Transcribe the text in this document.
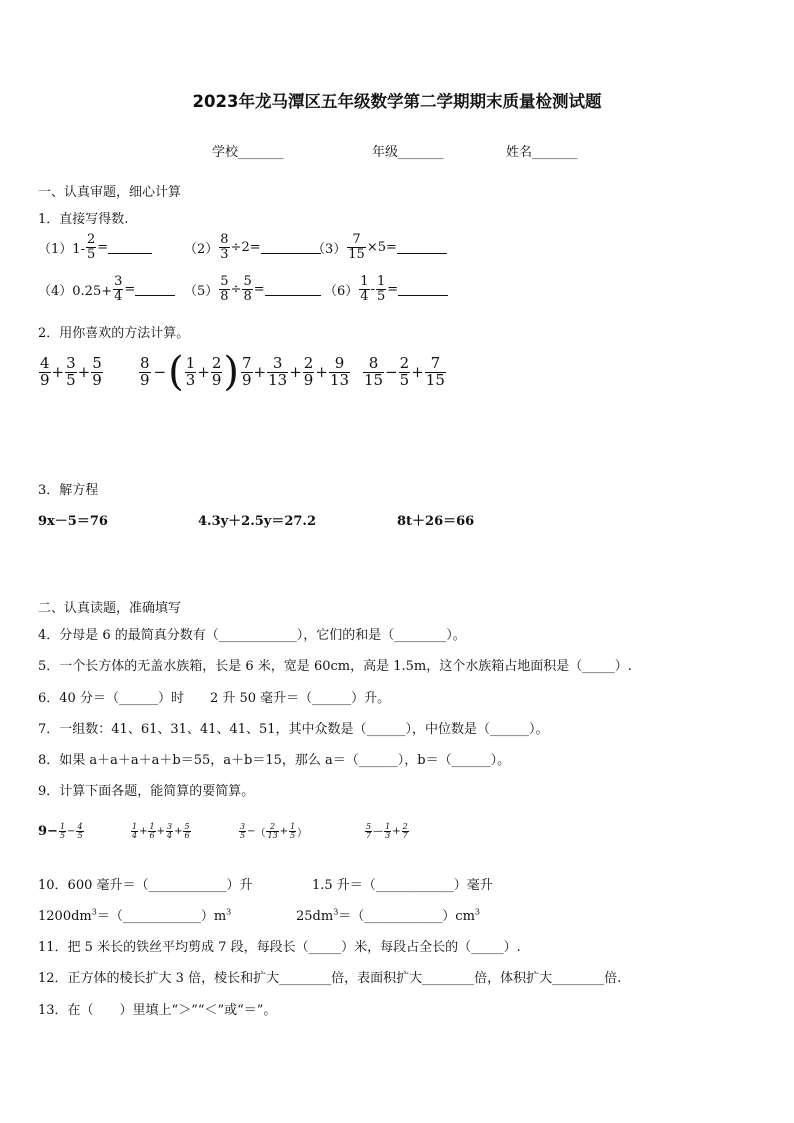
2023年龙马潭区五年级数学第二学期期末质量检测试题
学校_______	年级_______	姓名_______
一、认真审题，细心计算
1．直接写得数.
$(1)1- \frac{2}{5}$ =	$(2) \frac{8}{3} \div 2=$	$(3) \frac{7}{15} \times 5=$
$(4)0.25+ \frac{3}{4}$ =	$(5) \frac{5}{8} \div \frac{5}{8}$ =	$(6) \frac{1}{4} - \frac{1}{5}$ =
2．用你喜欢的方法计算。
$\frac{4}{9} + \frac{3}{5} + \frac{5}{9} \frac{8}{9}$ − ( $\frac{1}{3} + \frac{2}{9}$ ) $\frac{7}{9} + \frac{3}{13} + \frac{2}{9} + \frac{9}{13} \frac{8}{15} - \frac{2}{5} + \frac{7}{15}$
3．解方程
9x－5＝76	4.3y＋2.5y＝27.2	8t＋26＝66
二、认真读题，准确填写
4．分母是 6 的最简真分数有（____________），它们的和是（________）。
5．一个长方体的无盖水族箱，长是 6 米，宽是 60cm，高是 1.5m，这个水族箱占地面积是（_____）.
6．40 分＝（______）时　　2 升 50 毫升＝（______）升。
7．一组数：41、61、31、41、41、51，其中众数是（______），中位数是（______）。
8．如果 a＋a＋a＋a＋b＝55，a＋b＝15，那么 a＝（______），b＝（______）。
9．计算下面各题，能简算的要简算。
$9- \frac{1}{5} - \frac{4}{5}$	$\frac{1}{4} + \frac{1}{6} + \frac{3}{4} + \frac{5}{6}$	$\frac{3}{5}$ − （ $\frac{2}{13} + \frac{1}{5}$ ）	$\frac{5}{7}$ — $\frac{1}{3} + \frac{2}{7}$
10．600 毫升＝（____________）升	1.5 升＝（____________）毫升
$1200dm^3=(\_\_\_\_\_\_\_\_\_\_\_\_)m^3$	$25dm^3=(\_\_\_\_\_\_\_\_\_\_\_\_)cm^3$
11．把 5 米长的铁丝平均剪成 7 段，每段长（_____）米，每段占全长的（_____）.
12．正方体的棱长扩大 3 倍，棱长和扩大________倍，表面积扩大________倍，体积扩大________倍.
13．在（　　）里填上“＞”“＜”或“＝”。
